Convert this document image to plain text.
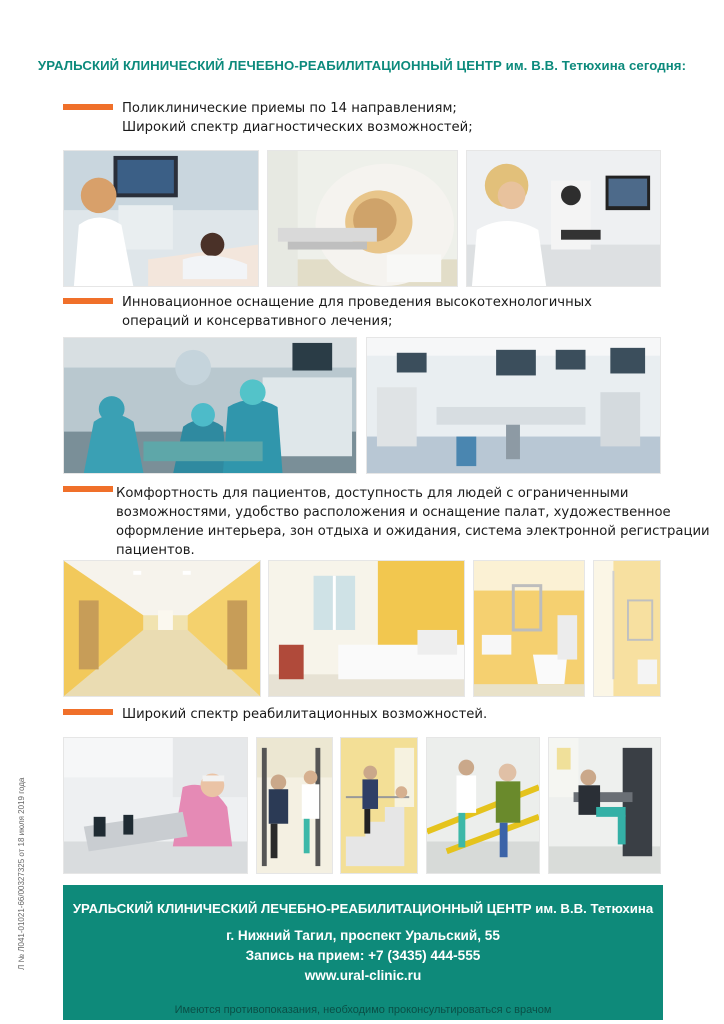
УРАЛЬСКИЙ КЛИНИЧЕСКИЙ ЛЕЧЕБНО-РЕАБИЛИТАЦИОННЫЙ ЦЕНТР им. В.В. Тетюхина сегодня:
Поликлинические приемы по 14 направлениям;
Широкий спектр диагностических возможностей;
Инновационное оснащение для проведения высокотехнологичных
операций и консервативного лечения;
Комфортность для пациентов, доступность для людей с ограниченными
возможностями, удобство расположения и оснащение палат, художественное
оформление интерьера, зон отдыха и ожидания, система электронной регистрации
пациентов.
Широкий спектр реабилитационных возможностей.
Л № Л041-01021-66/00327325 от 18 июля 2019 года	УРАЛЬСКИЙ КЛИНИЧЕСКИЙ ЛЕЧЕБНО-РЕАБИЛИТАЦИОННЫЙ ЦЕНТР им. В.В. Тетюхина
г. Нижний Тагил, проспект Уральский, 55
Запись на прием: +7 (3435) 444-555
www.ural-clinic.ru
Имеются противопоказания, необходимо проконсультироваться с врачом
